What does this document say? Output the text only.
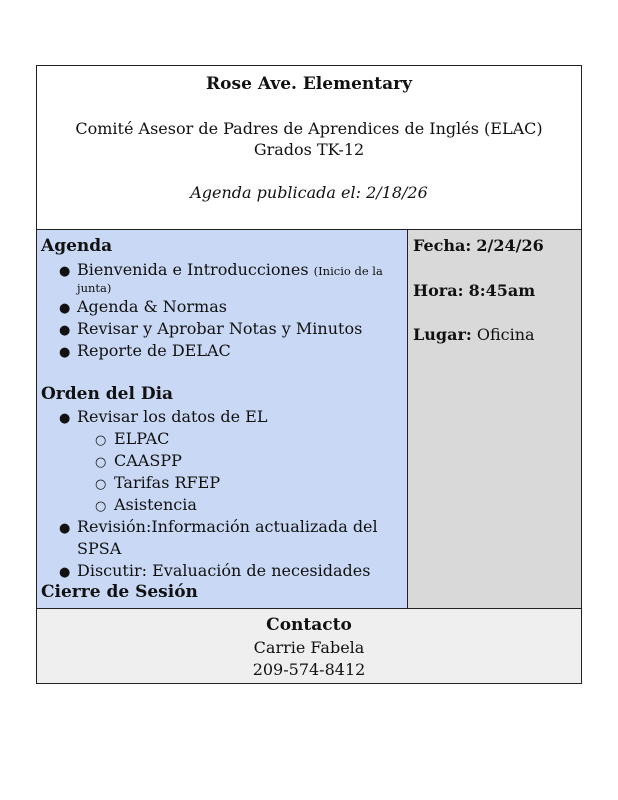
Rose Ave. Elementary
Comité Asesor de Padres de Aprendices de Inglés (ELAC)
Grados TK-12
Agenda publicada el: 2/18/26
Agenda
● Bienvenida e Introducciones (Inicio de la
junta)
● Agenda & Normas
● Revisar y Aprobar Notas y Minutos
● Reporte de DELAC
Orden del Dia
● Revisar los datos de EL
○ ELPAC
○ CAASPP
○ Tarifas RFEP
○ Asistencia
● Revisión:Información actualizada del
SPSA
● Discutir: Evaluación de necesidades
Cierre de Sesión
Fecha: 2/24/26
Hora: 8:45am
Lugar: Oficina
Contacto
Carrie Fabela
209-574-8412
